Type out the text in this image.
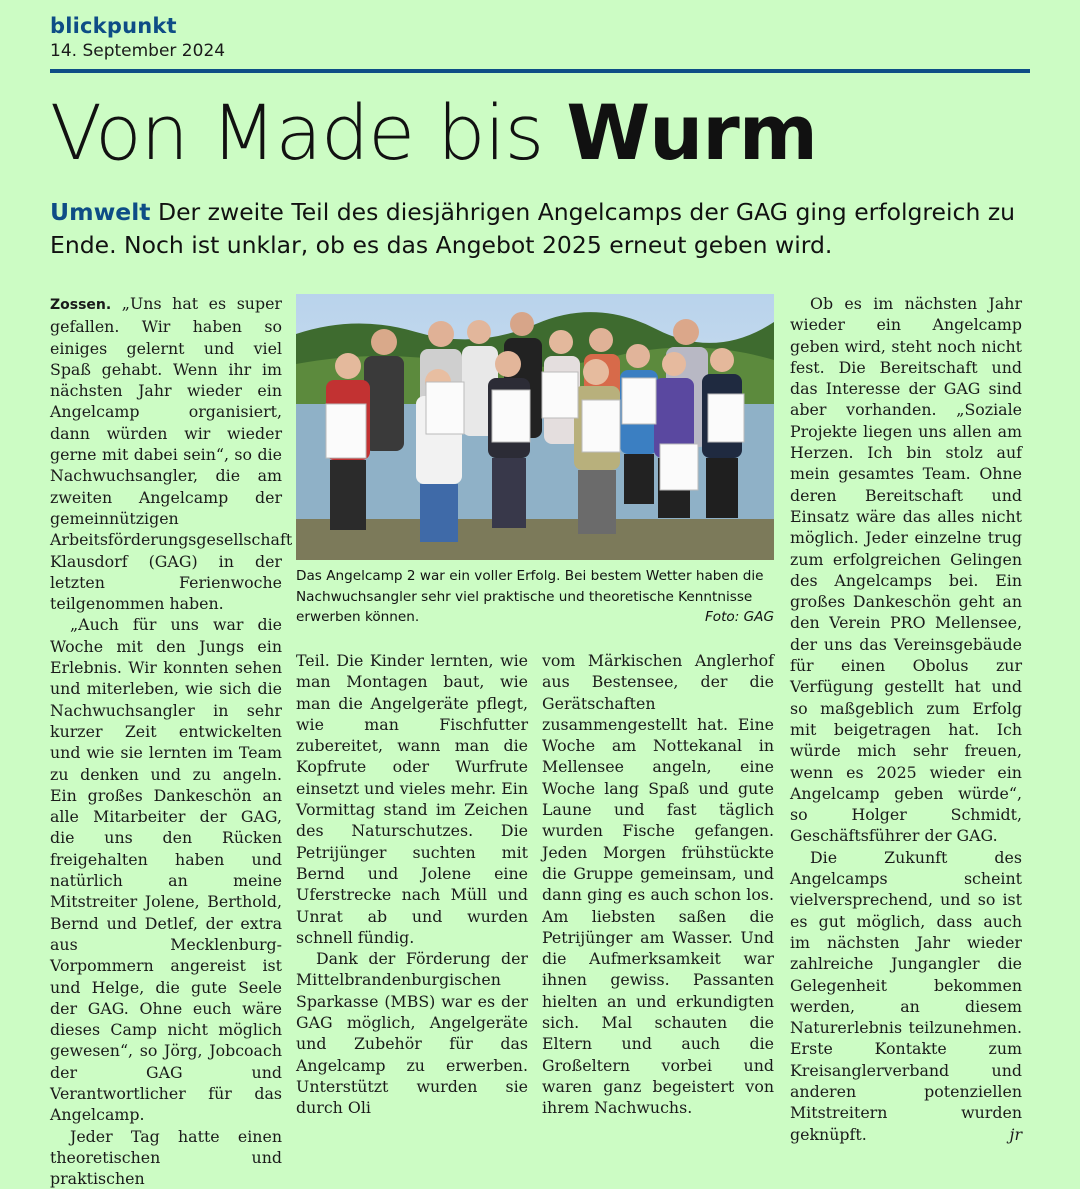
blickpunkt
14. September 2024
Von Made bis Wurm
Umwelt Der zweite Teil des diesjährigen Angelcamps der GAG ging erfolgreich zu Ende. Noch ist unklar, ob es das Angebot 2025 erneut geben wird.

Zossen. „Uns hat es super gefallen. Wir haben so einiges gelernt und viel Spaß gehabt. Wenn ihr im nächsten Jahr wieder ein Angelcamp organisiert, dann würden wir wieder gerne mit dabei sein“, so die Nachwuchsangler, die am zweiten Angelcamp der gemeinnützigen Arbeitsförderungsgesellschaft Klausdorf (GAG) in der letzten Ferienwoche teilgenommen haben.

„Auch für uns war die Woche mit den Jungs ein Erlebnis. Wir konnten sehen und miterleben, wie sich die Nachwuchsangler in sehr kurzer Zeit entwickelten und wie sie lernten im Team zu denken und zu angeln. Ein großes Dankeschön an alle Mitarbeiter der GAG, die uns den Rücken freigehalten haben und natürlich an meine Mitstreiter Jolene, Berthold, Bernd und Detlef, der extra aus Mecklenburg-Vorpommern angereist ist und Helge, die gute Seele der GAG. Ohne euch wäre dieses Camp nicht möglich gewesen“, so Jörg, Jobcoach der GAG und Verantwortlicher für das Angelcamp.

Jeder Tag hatte einen theoretischen und praktischen

Das Angelcamp 2 war ein voller Erfolg. Bei bestem Wetter haben die Nachwuchsangler sehr viel praktische und theoretische Kenntnisse erwerben können.	Foto: GAG

Teil. Die Kinder lernten, wie man Montagen baut, wie man die Angelgeräte pflegt, wie man Fischfutter zubereitet, wann man die Kopfrute oder Wurfrute einsetzt und vieles mehr. Ein Vormittag stand im Zeichen des Naturschutzes. Die Petrijünger suchten mit Bernd und Jolene eine Uferstrecke nach Müll und Unrat ab und wurden schnell fündig.

Dank der Förderung der Mittelbrandenburgischen Sparkasse (MBS) war es der GAG möglich, Angelgeräte und Zubehör für das Angelcamp zu erwerben. Unterstützt wurden sie durch Oli

vom Märkischen Anglerhof aus Bestensee, der die Gerätschaften zusammengestellt hat. Eine Woche am Nottekanal in Mellensee angeln, eine Woche lang Spaß und gute Laune und fast täglich wurden Fische gefangen. Jeden Morgen frühstückte die Gruppe gemeinsam, und dann ging es auch schon los. Am liebsten saßen die Petrijünger am Wasser. Und die Aufmerksamkeit war ihnen gewiss. Passanten hielten an und erkundigten sich. Mal schauten die Eltern und auch die Großeltern vorbei und waren ganz begeistert von ihrem Nachwuchs.

Ob es im nächsten Jahr wieder ein Angelcamp geben wird, steht noch nicht fest. Die Bereitschaft und das Interesse der GAG sind aber vorhanden. „Soziale Projekte liegen uns allen am Herzen. Ich bin stolz auf mein gesamtes Team. Ohne deren Bereitschaft und Einsatz wäre das alles nicht möglich. Jeder einzelne trug zum erfolgreichen Gelingen des Angelcamps bei. Ein großes Dankeschön geht an den Verein PRO Mellensee, der uns das Vereinsgebäude für einen Obolus zur Verfügung gestellt hat und so maßgeblich zum Erfolg mit beigetragen hat. Ich würde mich sehr freuen, wenn es 2025 wieder ein Angelcamp geben würde“, so Holger Schmidt, Geschäftsführer der GAG.

Die Zukunft des Angelcamps scheint vielversprechend, und so ist es gut möglich, dass auch im nächsten Jahr wieder zahlreiche Jungangler die Gelegenheit bekommen werden, an diesem Naturerlebnis teilzunehmen. Erste Kontakte zum Kreisanglerverband und anderen potenziellen Mitstreitern wurden geknüpft.	jr
